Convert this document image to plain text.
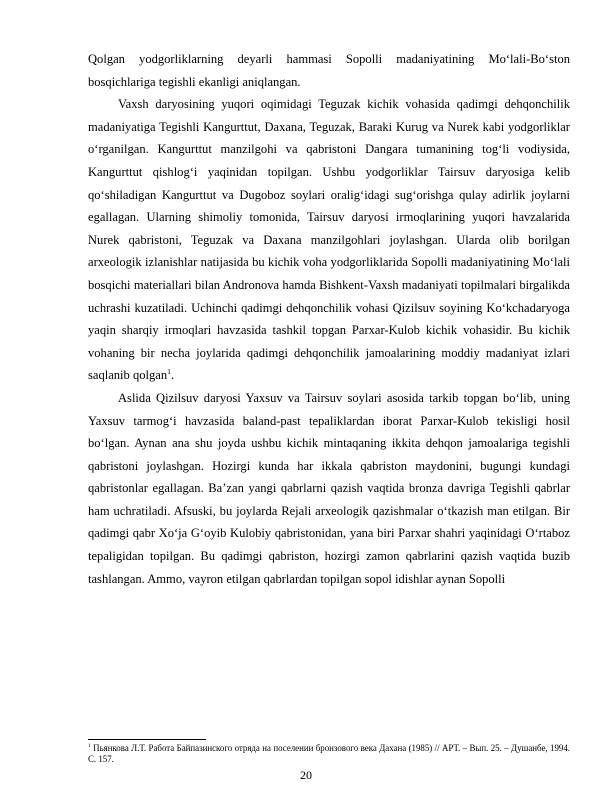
Qolgan yodgorliklarning deyarli hammasi Sopolli madaniyatining Mo‘lali-Bo‘ston bosqichlariga tegishli ekanligi aniqlangan.

Vaxsh daryosining yuqori oqimidagi Teguzak kichik vohasida qadimgi dehqonchilik madaniyatiga Tegishli Kangurttut, Daxana, Teguzak, Baraki Kurug va Nurek kabi yodgorliklar o‘rganilgan. Kangurttut manzilgohi va qabristoni Dangara tumanining tog‘li vodiysida, Kangurttut qishlog‘i yaqinidan topilgan. Ushbu yodgorliklar Tairsuv daryosiga kelib qo‘shiladigan Kangurttut va Dugoboz soylari oralig‘idagi sug‘orishga qulay adirlik joylarni egallagan. Ularning shimoliy tomonida, Tairsuv daryosi irmoqlarining yuqori havzalarida Nurek qabristoni, Teguzak va Daxana manzilgohlari joylashgan. Ularda olib borilgan arxeologik izlanishlar natijasida bu kichik voha yodgorliklarida Sopolli madaniyatining Mo‘lali bosqichi materiallari bilan Andronova hamda Bishkent-Vaxsh madaniyati topilmalari birgalikda uchrashi kuzatiladi. Uchinchi qadimgi dehqonchilik vohasi Qizilsuv soyining Ko‘kchadaryoga yaqin sharqiy irmoqlari havzasida tashkil topgan Parxar-Kulob kichik vohasidir. Bu kichik vohaning bir necha joylarida qadimgi dehqonchilik jamoalarining moddiy madaniyat izlari saqlanib qolgan$^1$.

Aslida Qizilsuv daryosi Yaxsuv va Tairsuv soylari asosida tarkib topgan bo‘lib, uning Yaxsuv tarmog‘i havzasida baland-past tepaliklardan iborat Parxar-Kulob tekisligi hosil bo‘lgan. Aynan ana shu joyda ushbu kichik mintaqaning ikkita dehqon jamoalariga tegishli qabristoni joylashgan. Hozirgi kunda har ikkala qabriston maydonini, bugungi kundagi qabristonlar egallagan. Ba’zan yangi qabrlarni qazish vaqtida bronza davriga Tegishli qabrlar ham uchratiladi. Afsuski, bu joylarda Rejali arxeologik qazishmalar o‘tkazish man etilgan. Bir qadimgi qabr Xo‘ja G‘oyib Kulobiy qabristonidan, yana biri Parxar shahri yaqinidagi O‘rtaboz tepaligidan topilgan. Bu qadimgi qabriston, hozirgi zamon qabrlarini qazish vaqtida buzib tashlangan. Ammo, vayron etilgan qabrlardan topilgan sopol idishlar aynan Sopolli

$^1$ Пьянкова Л.Т. Работа Байпазинского отряда на поселении бронзового века Дахана (1985) // АРТ. – Вып. 25. – Душанбе, 1994. С. 157.

20
